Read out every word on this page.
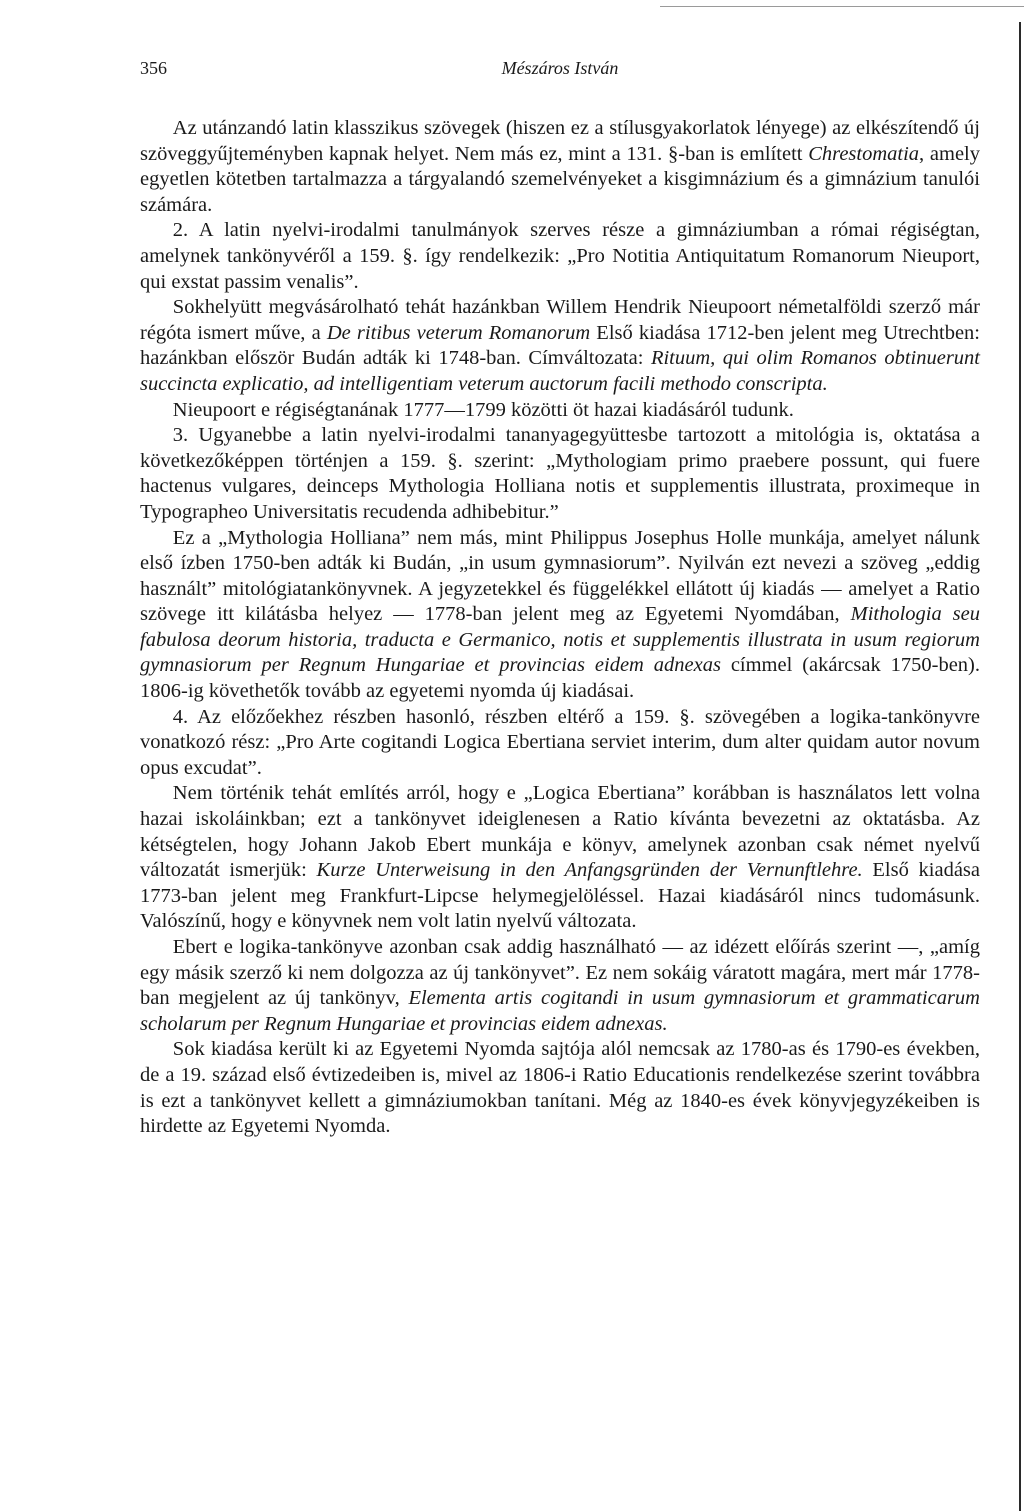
356	Mészáros István

Az utánzandó latin klasszikus szövegek (hiszen ez a stílusgyakorlatok lényege) az elkészítendő új szöveggyűjteményben kapnak helyet. Nem más ez, mint a 131. §-ban is említett Chrestomatia, amely egyetlen kötetben tartalmazza a tárgyalandó szemelvényeket a kisgimnázium és a gimnázium tanulói számára.

2. A latin nyelvi-irodalmi tanulmányok szerves része a gimnáziumban a római régiségtan, amelynek tankönyvéről a 159. §. így rendelkezik: „Pro Notitia Antiquitatum Romanorum Nieuport, qui exstat passim venalis”.

Sokhelyütt megvásárolható tehát hazánkban Willem Hendrik Nieupoort németalföldi szerző már régóta ismert műve, a De ritibus veterum Romanorum Első kiadása 1712-ben jelent meg Utrechtben: hazánkban először Budán adták ki 1748-ban. Címváltozata: Rituum, qui olim Romanos obtinuerunt succincta explicatio, ad intelligentiam veterum auctorum facili methodo conscripta.

Nieupoort e régiségtanának 1777—1799 közötti öt hazai kiadásáról tudunk.

3. Ugyanebbe a latin nyelvi-irodalmi tananyagegyüttesbe tartozott a mitológia is, oktatása a következőképpen történjen a 159. §. szerint: „Mythologiam primo praebere possunt, qui fuere hactenus vulgares, deinceps Mythologia Holliana notis et supplementis illustrata, proximeque in Typographeo Universitatis recudenda adhibebitur.”

Ez a „Mythologia Holliana” nem más, mint Philippus Josephus Holle munkája, amelyet nálunk első ízben 1750-ben adták ki Budán, „in usum gymnasiorum”. Nyilván ezt nevezi a szöveg „eddig használt” mitológiatankönyvnek. A jegyzetekkel és függelékkel ellátott új kiadás — amelyet a Ratio szövege itt kilátásba helyez — 1778-ban jelent meg az Egyetemi Nyomdában, Mithologia seu fabulosa deorum historia, traducta e Germanico, notis et supplementis illustrata in usum regiorum gymnasiorum per Regnum Hungariae et provincias eidem adnexas címmel (akárcsak 1750-ben). 1806-ig követhetők tovább az egyetemi nyomda új kiadásai.

4. Az előzőekhez részben hasonló, részben eltérő a 159. §. szövegében a logika-tankönyvre vonatkozó rész: „Pro Arte cogitandi Logica Ebertiana serviet interim, dum alter quidam autor novum opus excudat”.

Nem történik tehát említés arról, hogy e „Logica Ebertiana” korábban is használatos lett volna hazai iskoláinkban; ezt a tankönyvet ideiglenesen a Ratio kívánta bevezetni az oktatásba. Az kétségtelen, hogy Johann Jakob Ebert munkája e könyv, amelynek azonban csak német nyelvű változatát ismerjük: Kurze Unterweisung in den Anfangsgründen der Vernunftlehre. Első kiadása 1773-ban jelent meg Frankfurt-Lipcse helymegjelöléssel. Hazai kiadásáról nincs tudomásunk. Valószínű, hogy e könyvnek nem volt latin nyelvű változata.

Ebert e logika-tankönyve azonban csak addig használható — az idézett előírás szerint —, „amíg egy másik szerző ki nem dolgozza az új tankönyvet”. Ez nem sokáig váratott magára, mert már 1778-ban megjelent az új tankönyv, Elementa artis cogitandi in usum gymnasiorum et grammaticarum scholarum per Regnum Hungariae et provincias eidem adnexas.

Sok kiadása került ki az Egyetemi Nyomda sajtója alól nemcsak az 1780-as és 1790-es években, de a 19. század első évtizedeiben is, mivel az 1806-i Ratio Educationis rendelkezése szerint továbbra is ezt a tankönyvet kellett a gimnáziumokban tanítani. Még az 1840-es évek könyvjegyzékeiben is hirdette az Egyetemi Nyomda.
